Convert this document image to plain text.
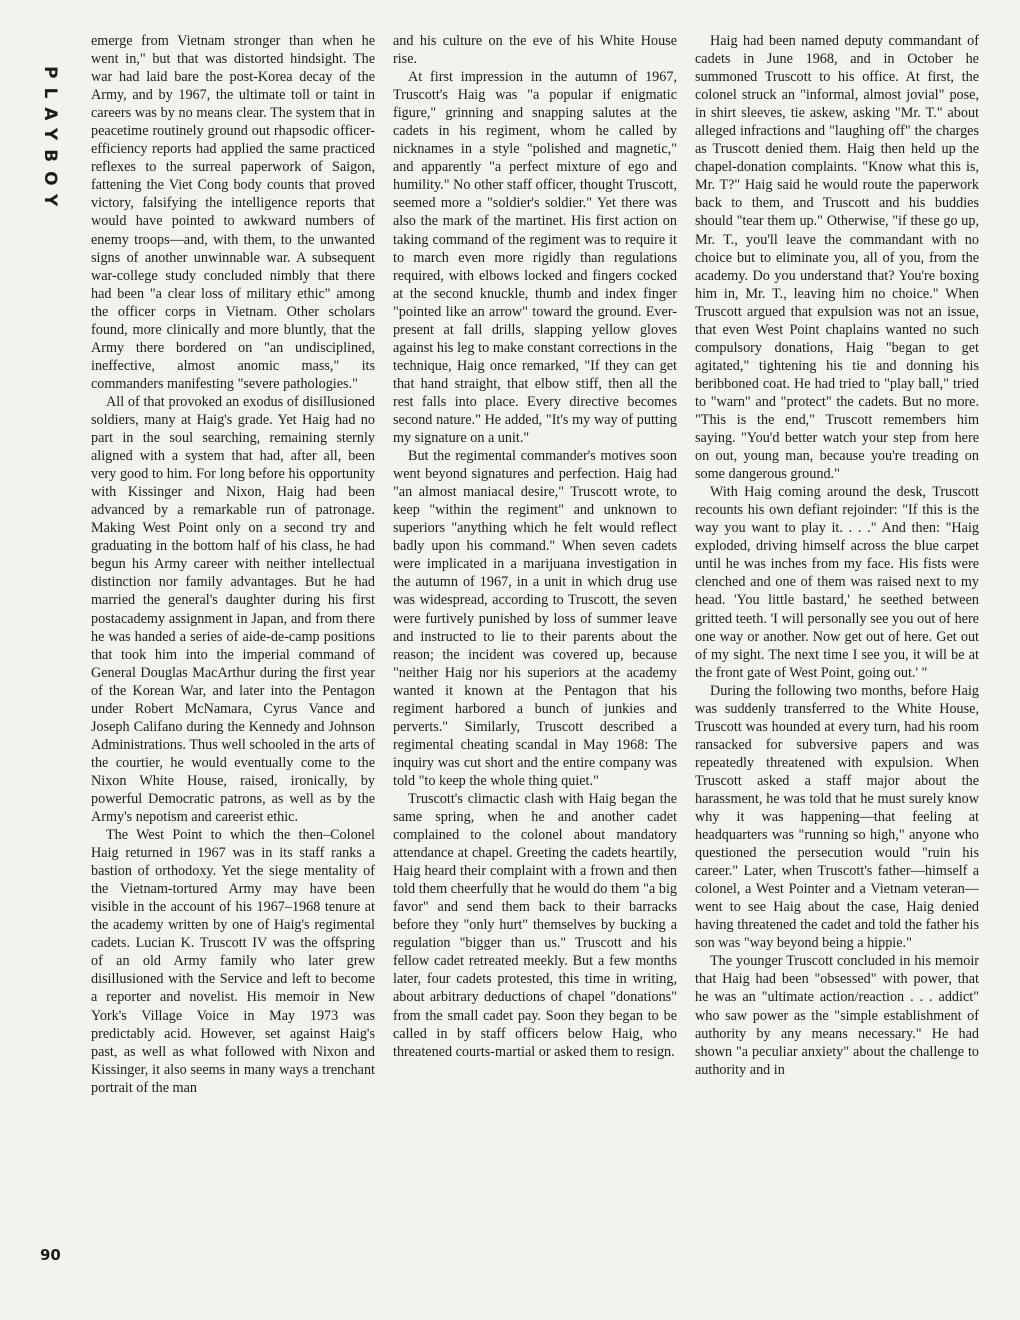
PLAYBOY
90

emerge from Vietnam stronger than when he went in," but that was distorted hindsight. The war had laid bare the post-Korea decay of the Army, and by 1967, the ultimate toll or taint in careers was by no means clear. The system that in peacetime routinely ground out rhapsodic officer-efficiency reports had applied the same practiced reflexes to the surreal paperwork of Saigon, fattening the Viet Cong body counts that proved victory, falsifying the intelligence reports that would have pointed to awkward numbers of enemy troops—and, with them, to the unwanted signs of another unwinnable war. A subsequent war-college study concluded nimbly that there had been "a clear loss of military ethic" among the officer corps in Vietnam. Other scholars found, more clinically and more bluntly, that the Army there bordered on "an undisciplined, ineffective, almost anomic mass," its commanders manifesting "severe pathologies."

All of that provoked an exodus of disillusioned soldiers, many at Haig's grade. Yet Haig had no part in the soul searching, remaining sternly aligned with a system that had, after all, been very good to him. For long before his opportunity with Kissinger and Nixon, Haig had been advanced by a remarkable run of patronage. Making West Point only on a second try and graduating in the bottom half of his class, he had begun his Army career with neither intellectual distinction nor family advantages. But he had married the general's daughter during his first postacademy assignment in Japan, and from there he was handed a series of aide-de-camp positions that took him into the imperial command of General Douglas MacArthur during the first year of the Korean War, and later into the Pentagon under Robert McNamara, Cyrus Vance and Joseph Califano during the Kennedy and Johnson Administrations. Thus well schooled in the arts of the courtier, he would eventually come to the Nixon White House, raised, ironically, by powerful Democratic patrons, as well as by the Army's nepotism and careerist ethic.

The West Point to which the then–Colonel Haig returned in 1967 was in its staff ranks a bastion of orthodoxy. Yet the siege mentality of the Vietnam-tortured Army may have been visible in the account of his 1967–1968 tenure at the academy written by one of Haig's regimental cadets. Lucian K. Truscott IV was the offspring of an old Army family who later grew disillusioned with the Service and left to become a reporter and novelist. His memoir in New York's Village Voice in May 1973 was predictably acid. However, set against Haig's past, as well as what followed with Nixon and Kissinger, it also seems in many ways a trenchant portrait of the man

and his culture on the eve of his White House rise.

At first impression in the autumn of 1967, Truscott's Haig was "a popular if enigmatic figure," grinning and snapping salutes at the cadets in his regiment, whom he called by nicknames in a style "polished and magnetic," and apparently "a perfect mixture of ego and humility." No other staff officer, thought Truscott, seemed more a "soldier's soldier." Yet there was also the mark of the martinet. His first action on taking command of the regiment was to require it to march even more rigidly than regulations required, with elbows locked and fingers cocked at the second knuckle, thumb and index finger "pointed like an arrow" toward the ground. Ever-present at fall drills, slapping yellow gloves against his leg to make constant corrections in the technique, Haig once remarked, "If they can get that hand straight, that elbow stiff, then all the rest falls into place. Every directive becomes second nature." He added, "It's my way of putting my signature on a unit."

But the regimental commander's motives soon went beyond signatures and perfection. Haig had "an almost maniacal desire," Truscott wrote, to keep "within the regiment" and unknown to superiors "anything which he felt would reflect badly upon his command." When seven cadets were implicated in a marijuana investigation in the autumn of 1967, in a unit in which drug use was widespread, according to Truscott, the seven were furtively punished by loss of summer leave and instructed to lie to their parents about the reason; the incident was covered up, because "neither Haig nor his superiors at the academy wanted it known at the Pentagon that his regiment harbored a bunch of junkies and perverts." Similarly, Truscott described a regimental cheating scandal in May 1968: The inquiry was cut short and the entire company was told "to keep the whole thing quiet."

Truscott's climactic clash with Haig began the same spring, when he and another cadet complained to the colonel about mandatory attendance at chapel. Greeting the cadets heartily, Haig heard their complaint with a frown and then told them cheerfully that he would do them "a big favor" and send them back to their barracks before they "only hurt" themselves by bucking a regulation "bigger than us." Truscott and his fellow cadet retreated meekly. But a few months later, four cadets protested, this time in writing, about arbitrary deductions of chapel "donations" from the small cadet pay. Soon they began to be called in by staff officers below Haig, who threatened courts-martial or asked them to resign.

Haig had been named deputy commandant of cadets in June 1968, and in October he summoned Truscott to his office. At first, the colonel struck an "informal, almost jovial" pose, in shirt sleeves, tie askew, asking "Mr. T." about alleged infractions and "laughing off" the charges as Truscott denied them. Haig then held up the chapel-donation complaints. "Know what this is, Mr. T?" Haig said he would route the paperwork back to them, and Truscott and his buddies should "tear them up." Otherwise, "if these go up, Mr. T., you'll leave the commandant with no choice but to eliminate you, all of you, from the academy. Do you understand that? You're boxing him in, Mr. T., leaving him no choice." When Truscott argued that expulsion was not an issue, that even West Point chaplains wanted no such compulsory donations, Haig "began to get agitated," tightening his tie and donning his beribboned coat. He had tried to "play ball," tried to "warn" and "protect" the cadets. But no more. "This is the end," Truscott remembers him saying. "You'd better watch your step from here on out, young man, because you're treading on some dangerous ground."

With Haig coming around the desk, Truscott recounts his own defiant rejoinder: "If this is the way you want to play it. . . ." And then: "Haig exploded, driving himself across the blue carpet until he was inches from my face. His fists were clenched and one of them was raised next to my head. 'You little bastard,' he seethed between gritted teeth. 'I will personally see you out of here one way or another. Now get out of here. Get out of my sight. The next time I see you, it will be at the front gate of West Point, going out.' "

During the following two months, before Haig was suddenly transferred to the White House, Truscott was hounded at every turn, had his room ransacked for subversive papers and was repeatedly threatened with expulsion. When Truscott asked a staff major about the harassment, he was told that he must surely know why it was happening—that feeling at headquarters was "running so high," anyone who questioned the persecution would "ruin his career." Later, when Truscott's father—himself a colonel, a West Pointer and a Vietnam veteran—went to see Haig about the case, Haig denied having threatened the cadet and told the father his son was "way beyond being a hippie."

The younger Truscott concluded in his memoir that Haig had been "obsessed" with power, that he was an "ultimate action/reaction . . . addict" who saw power as the "simple establishment of authority by any means necessary." He had shown "a peculiar anxiety" about the challenge to authority and in
